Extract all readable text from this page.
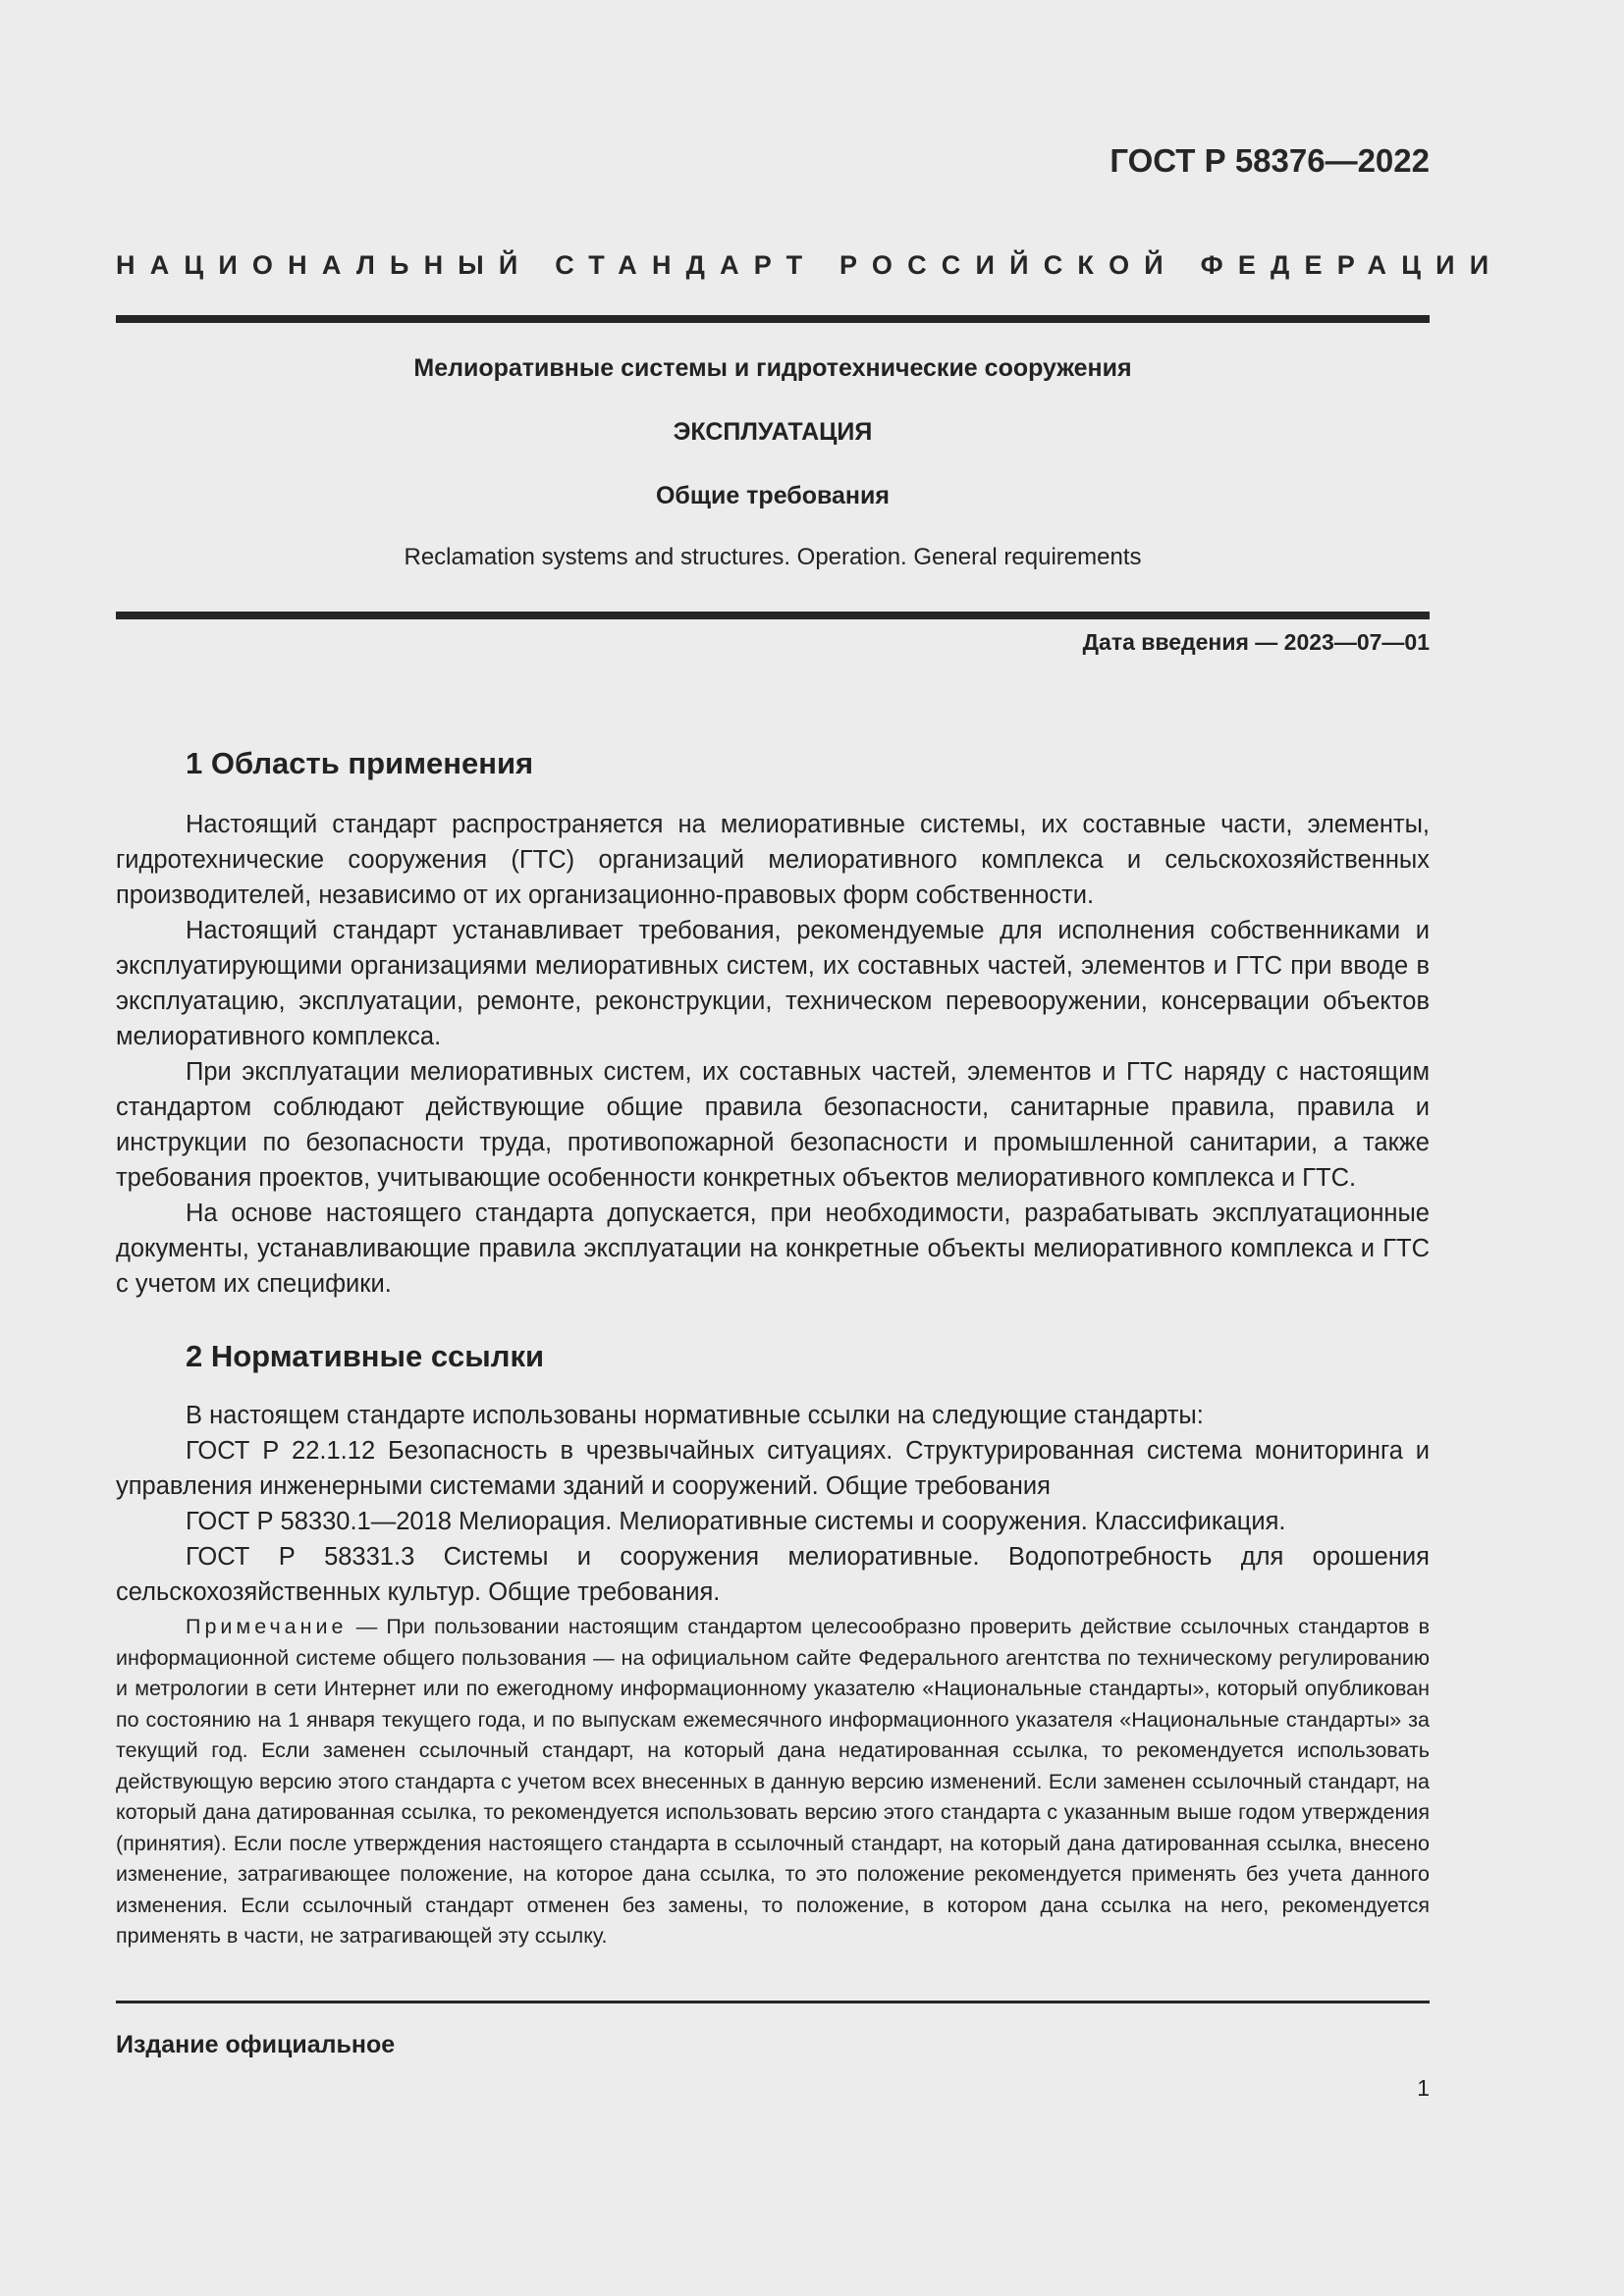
ГОСТ Р 58376—2022
НАЦИОНАЛЬНЫЙ СТАНДАРТ РОССИЙСКОЙ ФЕДЕРАЦИИ
Мелиоративные системы и гидротехнические сооружения
ЭКСПЛУАТАЦИЯ
Общие требования
Reclamation systems and structures. Operation. General requirements
Дата введения — 2023—07—01
1 Область применения

Настоящий стандарт распространяется на мелиоративные системы, их составные части, элементы, гидротехнические сооружения (ГТС) организаций мелиоративного комплекса и сельскохозяйственных производителей, независимо от их организационно-правовых форм собственности.

Настоящий стандарт устанавливает требования, рекомендуемые для исполнения собственниками и эксплуатирующими организациями мелиоративных систем, их составных частей, элементов и ГТС при вводе в эксплуатацию, эксплуатации, ремонте, реконструкции, техническом перевооружении, консервации объектов мелиоративного комплекса.

При эксплуатации мелиоративных систем, их составных частей, элементов и ГТС наряду с настоящим стандартом соблюдают действующие общие правила безопасности, санитарные правила, правила и инструкции по безопасности труда, противопожарной безопасности и промышленной санитарии, а также требования проектов, учитывающие особенности конкретных объектов мелиоративного комплекса и ГТС.

На основе настоящего стандарта допускается, при необходимости, разрабатывать эксплуатационные документы, устанавливающие правила эксплуатации на конкретные объекты мелиоративного комплекса и ГТС с учетом их специфики.

2 Нормативные ссылки

В настоящем стандарте использованы нормативные ссылки на следующие стандарты:

ГОСТ Р 22.1.12 Безопасность в чрезвычайных ситуациях. Структурированная система мониторинга и управления инженерными системами зданий и сооружений. Общие требования

ГОСТ Р 58330.1—2018 Мелиорация. Мелиоративные системы и сооружения. Классификация.

ГОСТ Р 58331.3 Системы и сооружения мелиоративные. Водопотребность для орошения сельскохозяйственных культур. Общие требования.

Примечание — При пользовании настоящим стандартом целесообразно проверить действие ссылочных стандартов в информационной системе общего пользования — на официальном сайте Федерального агентства по техническому регулированию и метрологии в сети Интернет или по ежегодному информационному указателю «Национальные стандарты», который опубликован по состоянию на 1 января текущего года, и по выпускам ежемесячного информационного указателя «Национальные стандарты» за текущий год. Если заменен ссылочный стандарт, на который дана недатированная ссылка, то рекомендуется использовать действующую версию этого стандарта с учетом всех внесенных в данную версию изменений. Если заменен ссылочный стандарт, на который дана датированная ссылка, то рекомендуется использовать версию этого стандарта с указанным выше годом утверждения (принятия). Если после утверждения настоящего стандарта в ссылочный стандарт, на который дана датированная ссылка, внесено изменение, затрагивающее положение, на которое дана ссылка, то это положение рекомендуется применять без учета данного изменения. Если ссылочный стандарт отменен без замены, то положение, в котором дана ссылка на него, рекомендуется применять в части, не затрагивающей эту ссылку.

Издание официальное
1
